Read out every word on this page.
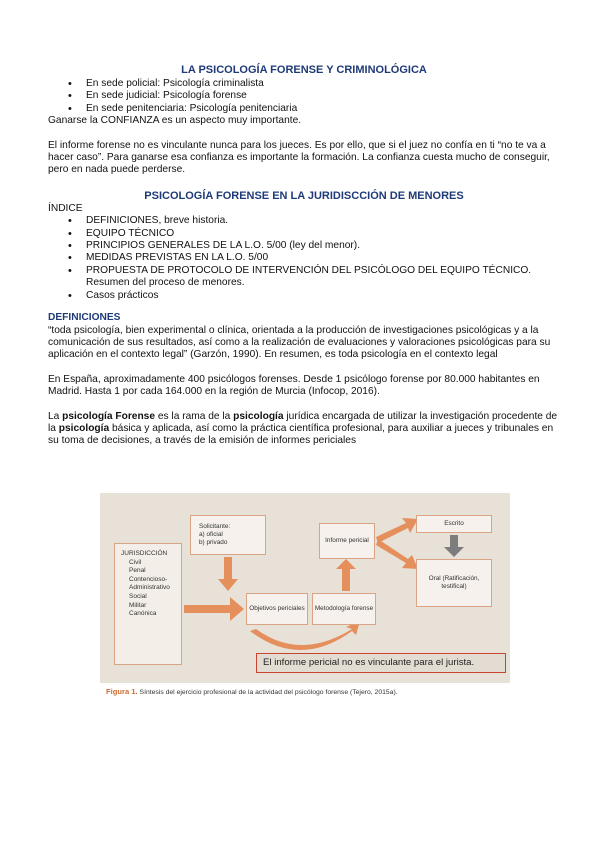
LA PSICOLOGÍA FORENSE Y CRIMINOLÓGICA
• En sede policial: Psicología criminalista
• En sede judicial: Psicología forense
• En sede penitenciaria: Psicología penitenciaria

Ganarse la CONFIANZA es un aspecto muy importante.

El informe forense no es vinculante nunca para los jueces. Es por ello, que si el juez no confía en ti “no te va a hacer caso”. Para ganarse esa confianza es importante la formación. La confianza cuesta mucho de conseguir, pero en nada puede perderse.

PSICOLOGÍA FORENSE EN LA JURIDISCCIÓN DE MENORES

ÍNDICE

• DEFINICIONES, breve historia.
• EQUIPO TÉCNICO
• PRINCIPIOS GENERALES DE LA L.O. 5/00 (ley del menor).
• MEDIDAS PREVISTAS EN LA L.O. 5/00
• PROPUESTA DE PROTOCOLO DE INTERVENCIÓN DEL PSICÓLOGO DEL EQUIPO TÉCNICO. Resumen del proceso de menores.
• Casos prácticos

DEFINICIONES

“toda psicología, bien experimental o clínica, orientada a la producción de investigaciones psicológicas y a la comunicación de sus resultados, así como a la realización de evaluaciones y valoraciones psicológicas para su aplicación en el contexto legal” (Garzón, 1990). En resumen, es toda psicología en el contexto legal

En España, aproximadamente 400 psicólogos forenses. Desde 1 psicólogo forense por 80.000 habitantes en Madrid. Hasta 1 por cada 164.000 en la región de Murcia (Infocop, 2016).

La psicología Forense es la rama de la psicología jurídica encargada de utilizar la investigación procedente de la psicología básica y aplicada, así como la práctica científica profesional, para auxiliar a jueces y tribunales en su toma de decisiones, a través de la emisión de informes periciales

JURISDICCIÓN
Civil
Penal
Contencioso-
Administrativo
Social
Militar
Canónica
Solicitante:
a) oficial
b) privado
Objetivos periciales	Metodología forense
Informe pericial
Escrito
Oral (Ratificación, testifical)
El informe pericial no es vinculante para el jurista.
Figura 1. Síntesis del ejercicio profesional de la actividad del psicólogo forense (Tejero, 2015a).
